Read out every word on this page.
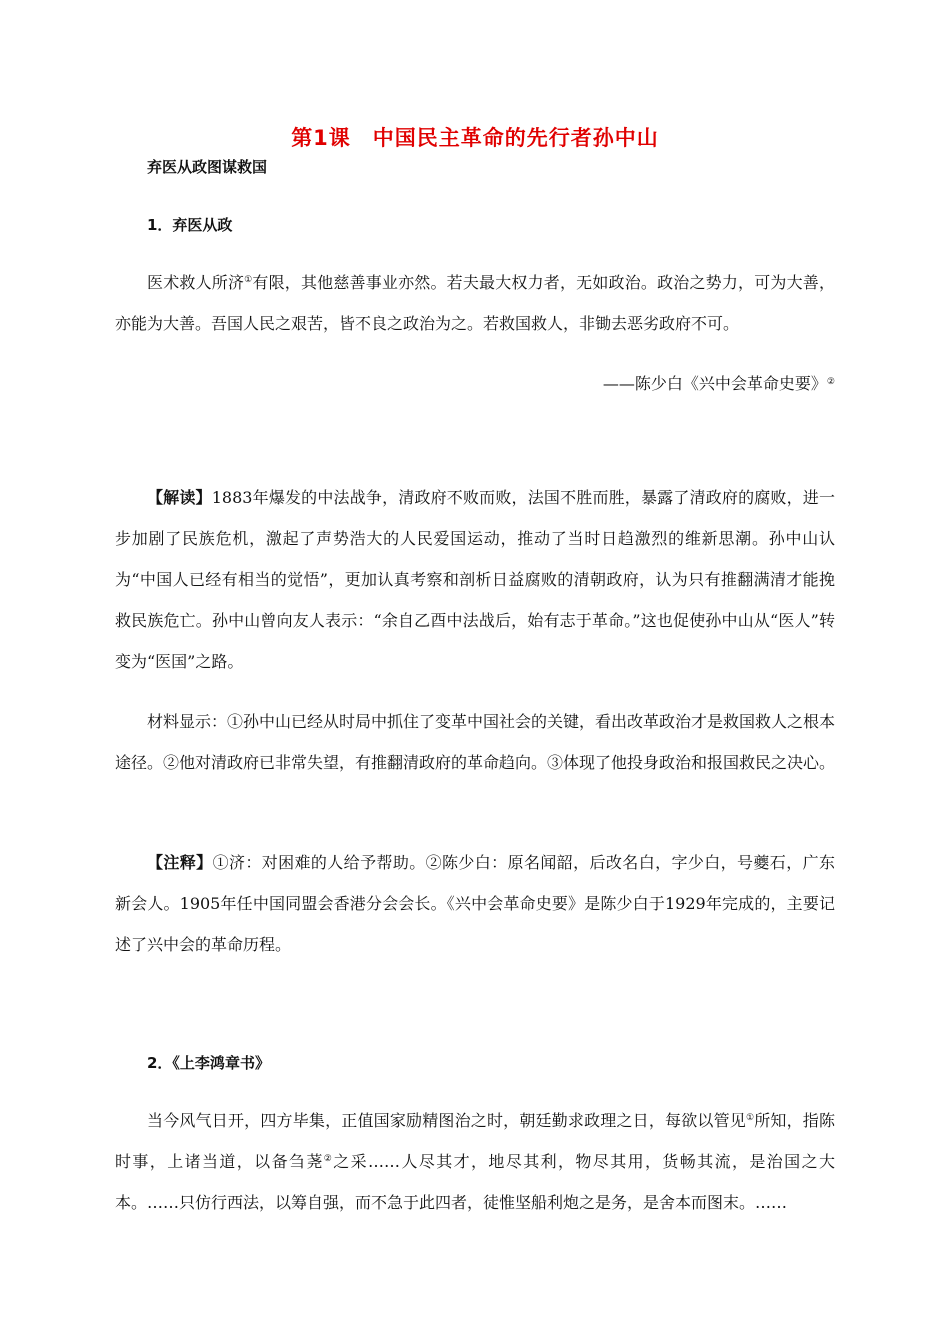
第1课　中国民主革命的先行者孙中山
弃医从政图谋救国
1．弃医从政

医术救人所济①有限，其他慈善事业亦然。若夫最大权力者，无如政治。政治之势力，可为大善，亦能为大善。吾国人民之艰苦，皆不良之政治为之。若救国救人，非锄去恶劣政府不可。

——陈少白《兴中会革命史要》②

【解读】1883年爆发的中法战争，清政府不败而败，法国不胜而胜，暴露了清政府的腐败，进一步加剧了民族危机，激起了声势浩大的人民爱国运动，推动了当时日趋激烈的维新思潮。孙中山认为“中国人已经有相当的觉悟”，更加认真考察和剖析日益腐败的清朝政府，认为只有推翻满清才能挽救民族危亡。孙中山曾向友人表示：“余自乙酉中法战后，始有志于革命。”这也促使孙中山从“医人”转变为“医国”之路。

材料显示：①孙中山已经从时局中抓住了变革中国社会的关键，看出改革政治才是救国救人之根本途径。②他对清政府已非常失望，有推翻清政府的革命趋向。③体现了他投身政治和报国救民之决心。

【注释】①济：对困难的人给予帮助。②陈少白：原名闻韶，后改名白，字少白，号夔石，广东新会人。1905年任中国同盟会香港分会会长。《兴中会革命史要》是陈少白于1929年完成的，主要记述了兴中会的革命历程。

2．《上李鸿章书》

当今风气日开，四方毕集，正值国家励精图治之时，朝廷勤求政理之日，每欲以管见①所知，指陈时事，上诸当道，以备刍荛②之采……人尽其才，地尽其利，物尽其用，货畅其流，是治国之大本。……只仿行西法，以筹自强，而不急于此四者，徒惟坚船利炮之是务，是舍本而图末。……
